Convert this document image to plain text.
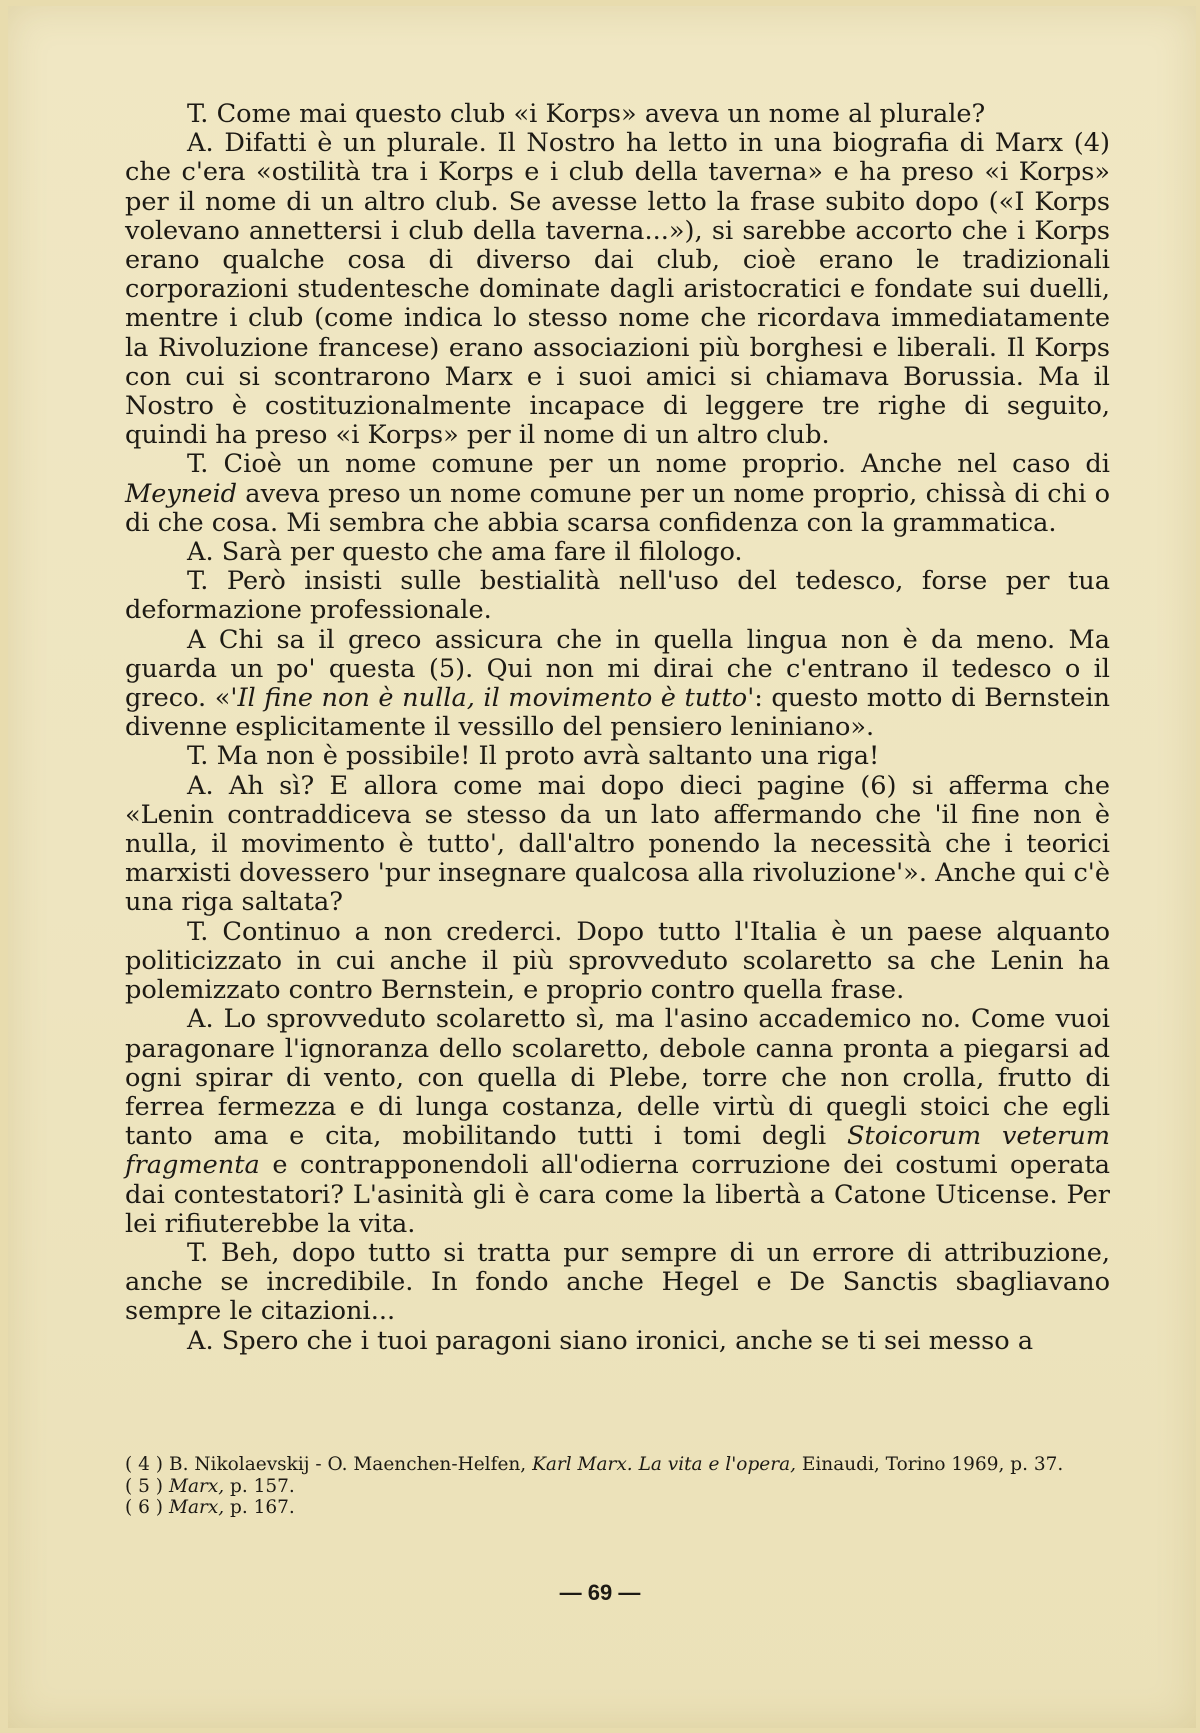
T. Come mai questo club «i Korps» aveva un nome al plurale?

A. Difatti è un plurale. Il Nostro ha letto in una biografia di Marx (4) che c'era «ostilità tra i Korps e i club della taverna» e ha preso «i Korps» per il nome di un altro club. Se avesse letto la frase subito dopo («I Korps volevano annettersi i club della taverna...»), si sarebbe accorto che i Korps erano qualche cosa di diverso dai club, cioè erano le tradizionali corporazioni studentesche dominate dagli aristocratici e fondate sui duelli, mentre i club (come indica lo stesso nome che ricordava immediatamente la Rivoluzione francese) erano associazioni più borghesi e liberali. Il Korps con cui si scontrarono Marx e i suoi amici si chiamava Borussia. Ma il Nostro è costituzionalmente incapace di leggere tre righe di seguito, quindi ha preso «i Korps» per il nome di un altro club.

T. Cioè un nome comune per un nome proprio. Anche nel caso di Meyneid aveva preso un nome comune per un nome proprio, chissà di chi o di che cosa. Mi sembra che abbia scarsa confidenza con la grammatica.

A. Sarà per questo che ama fare il filologo.

T. Però insisti sulle bestialità nell'uso del tedesco, forse per tua deformazione professionale.

A Chi sa il greco assicura che in quella lingua non è da meno. Ma guarda un po' questa (5). Qui non mi dirai che c'entrano il tedesco o il greco. «'Il fine non è nulla, il movimento è tutto': questo motto di Bernstein divenne esplicitamente il vessillo del pensiero leniniano».

T. Ma non è possibile! Il proto avrà saltanto una riga!

A. Ah sì? E allora come mai dopo dieci pagine (6) si afferma che «Lenin contraddiceva se stesso da un lato affermando che 'il fine non è nulla, il movimento è tutto', dall'altro ponendo la necessità che i teorici marxisti dovessero 'pur insegnare qualcosa alla rivoluzione'». Anche qui c'è una riga saltata?

T. Continuo a non crederci. Dopo tutto l'Italia è un paese alquanto politicizzato in cui anche il più sprovveduto scolaretto sa che Lenin ha polemizzato contro Bernstein, e proprio contro quella frase.

A. Lo sprovveduto scolaretto sì, ma l'asino accademico no. Come vuoi paragonare l'ignoranza dello scolaretto, debole canna pronta a piegarsi ad ogni spirar di vento, con quella di Plebe, torre che non crolla, frutto di ferrea fermezza e di lunga costanza, delle virtù di quegli stoici che egli tanto ama e cita, mobilitando tutti i tomi degli Stoicorum veterum fragmenta e contrapponendoli all'odierna corruzione dei costumi operata dai contestatori? L'asinità gli è cara come la libertà a Catone Uticense. Per lei rifiuterebbe la vita.

T. Beh, dopo tutto si tratta pur sempre di un errore di attribuzione, anche se incredibile. In fondo anche Hegel e De Sanctis sbagliavano sempre le citazioni...

A. Spero che i tuoi paragoni siano ironici, anche se ti sei messo a

( 4 ) B. Nikolaevskij - O. Maenchen-Helfen, Karl Marx. La vita e l'opera, Einaudi, Torino 1969, p. 37.
( 5 ) Marx, p. 157.
( 6 ) Marx, p. 167.
— 69 —
